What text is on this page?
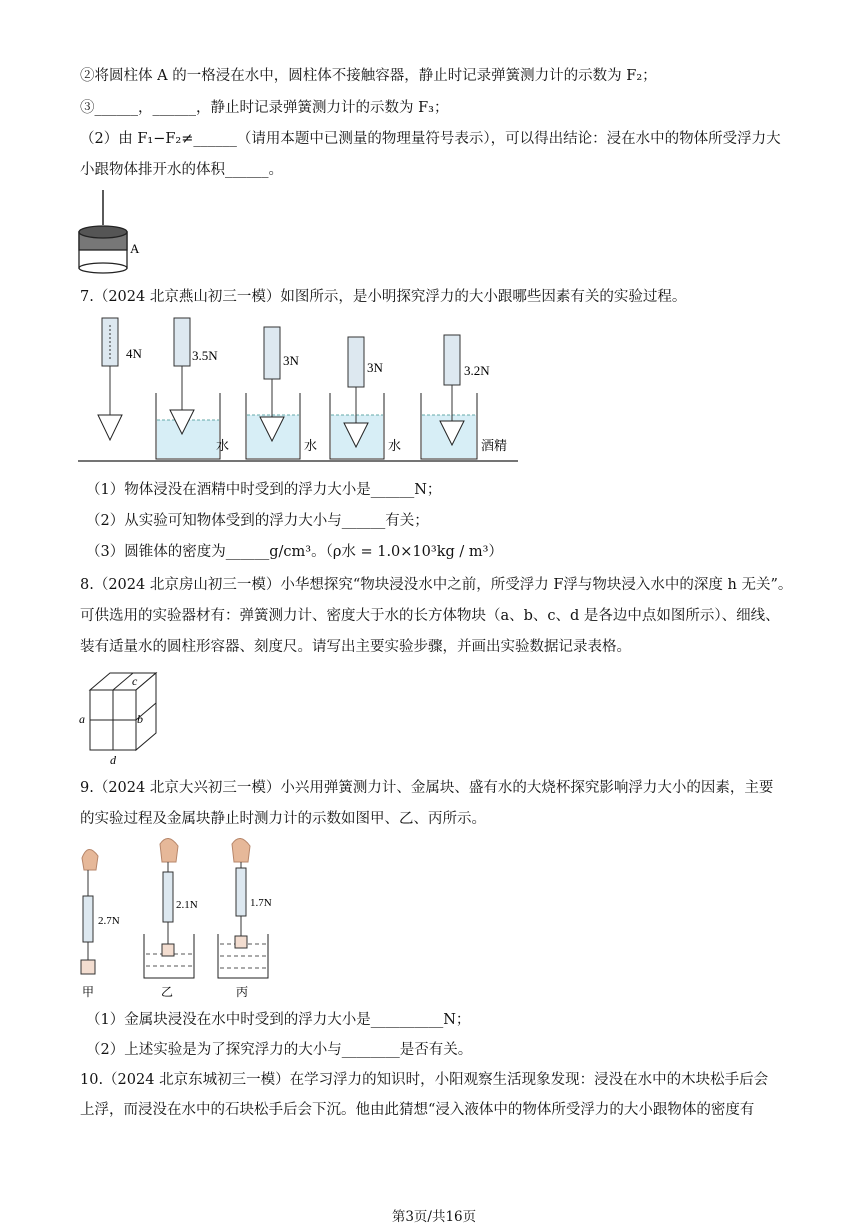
②将圆柱体 A 的一格浸在水中，圆柱体不接触容器，静止时记录弹簧测力计的示数为 F₂；
③______，______，静止时记录弹簧测力计的示数为 F₃；
（2）由 F₁−F₂≠______（请用本题中已测量的物理量符号表示），可以得出结论：浸在水中的物体所受浮力大
小跟物体排开水的体积______。
A
7.（2024 北京燕山初三一模）如图所示，是小明探究浮力的大小跟哪些因素有关的实验过程。
4N	3.5N
水
3N
水
3N
水
3.2N
酒精
（1）物体浸没在酒精中时受到的浮力大小是______N；
（2）从实验可知物体受到的浮力大小与______有关；
（3）圆锥体的密度为______g/cm³。（ρ水 = 1.0×10³kg / m³）
8.（2024 北京房山初三一模）小华想探究“物块浸没水中之前，所受浮力 F浮与物块浸入水中的深度 h 无关”。
可供选用的实验器材有：弹簧测力计、密度大于水的长方体物块（a、b、c、d 是各边中点如图所示）、细线、
装有适量水的圆柱形容器、刻度尺。请写出主要实验步骤，并画出实验数据记录表格。
c
a	b
d
9.（2024 北京大兴初三一模）小兴用弹簧测力计、金属块、盛有水的大烧杯探究影响浮力大小的因素，主要
的实验过程及金属块静止时测力计的示数如图甲、乙、丙所示。
2.7N
甲
2.1N
乙
1.7N
丙
（1）金属块浸没在水中时受到的浮力大小是__________N；
（2）上述实验是为了探究浮力的大小与________是否有关。
10.（2024 北京东城初三一模）在学习浮力的知识时，小阳观察生活现象发现：浸没在水中的木块松手后会
上浮，而浸没在水中的石块松手后会下沉。他由此猜想“浸入液体中的物体所受浮力的大小跟物体的密度有
第3页/共16页
